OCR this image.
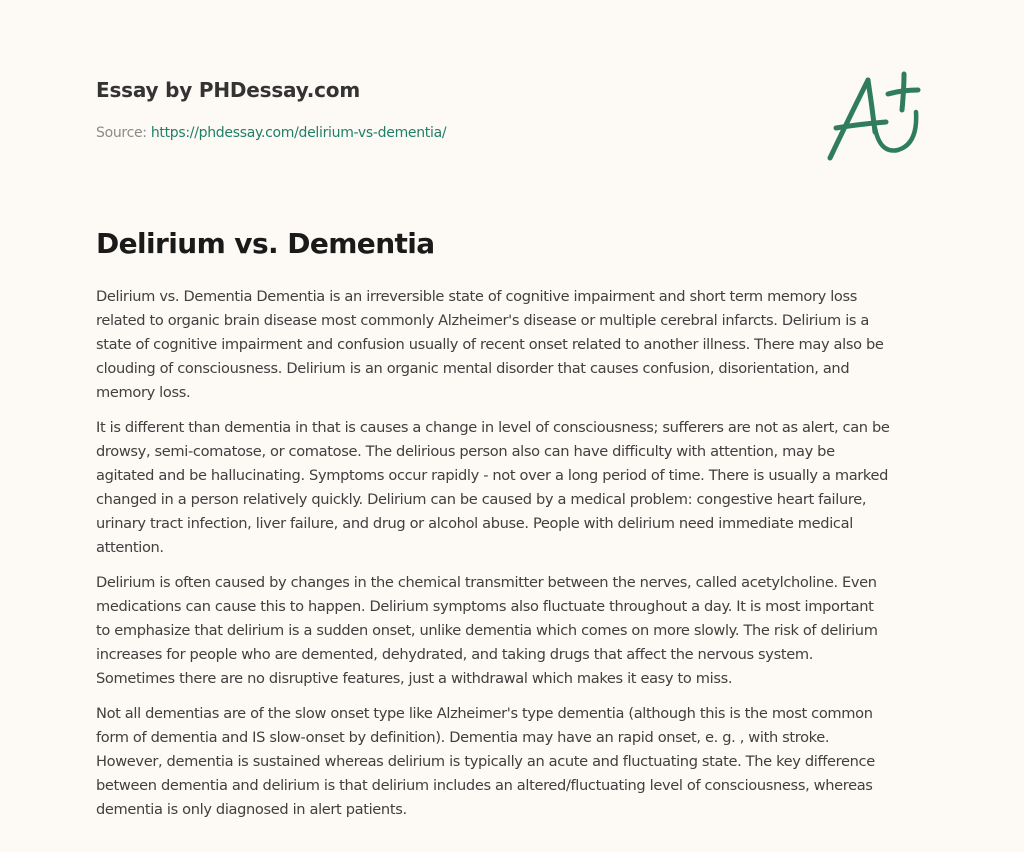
Essay by PHDessay.com
Source: https://phdessay.com/delirium-vs-dementia/
Delirium vs. Dementia

Delirium vs. Dementia Dementia is an irreversible state of cognitive impairment and short term memory loss
related to organic brain disease most commonly Alzheimer's disease or multiple cerebral infarcts. Delirium is a
state of cognitive impairment and confusion usually of recent onset related to another illness. There may also be
clouding of consciousness. Delirium is an organic mental disorder that causes confusion, disorientation, and
memory loss.

It is different than dementia in that is causes a change in level of consciousness; sufferers are not as alert, can be
drowsy, semi-comatose, or comatose. The delirious person also can have difficulty with attention, may be
agitated and be hallucinating. Symptoms occur rapidly - not over a long period of time. There is usually a marked
changed in a person relatively quickly. Delirium can be caused by a medical problem: congestive heart failure,
urinary tract infection, liver failure, and drug or alcohol abuse. People with delirium need immediate medical
attention.

Delirium is often caused by changes in the chemical transmitter between the nerves, called acetylcholine. Even
medications can cause this to happen. Delirium symptoms also fluctuate throughout a day. It is most important
to emphasize that delirium is a sudden onset, unlike dementia which comes on more slowly. The risk of delirium
increases for people who are demented, dehydrated, and taking drugs that affect the nervous system.
Sometimes there are no disruptive features, just a withdrawal which makes it easy to miss.

Not all dementias are of the slow onset type like Alzheimer's type dementia (although this is the most common
form of dementia and IS slow-onset by definition). Dementia may have an rapid onset, e. g. , with stroke.
However, dementia is sustained whereas delirium is typically an acute and fluctuating state. The key difference
between dementia and delirium is that delirium includes an altered/fluctuating level of consciousness, whereas
dementia is only diagnosed in alert patients.
